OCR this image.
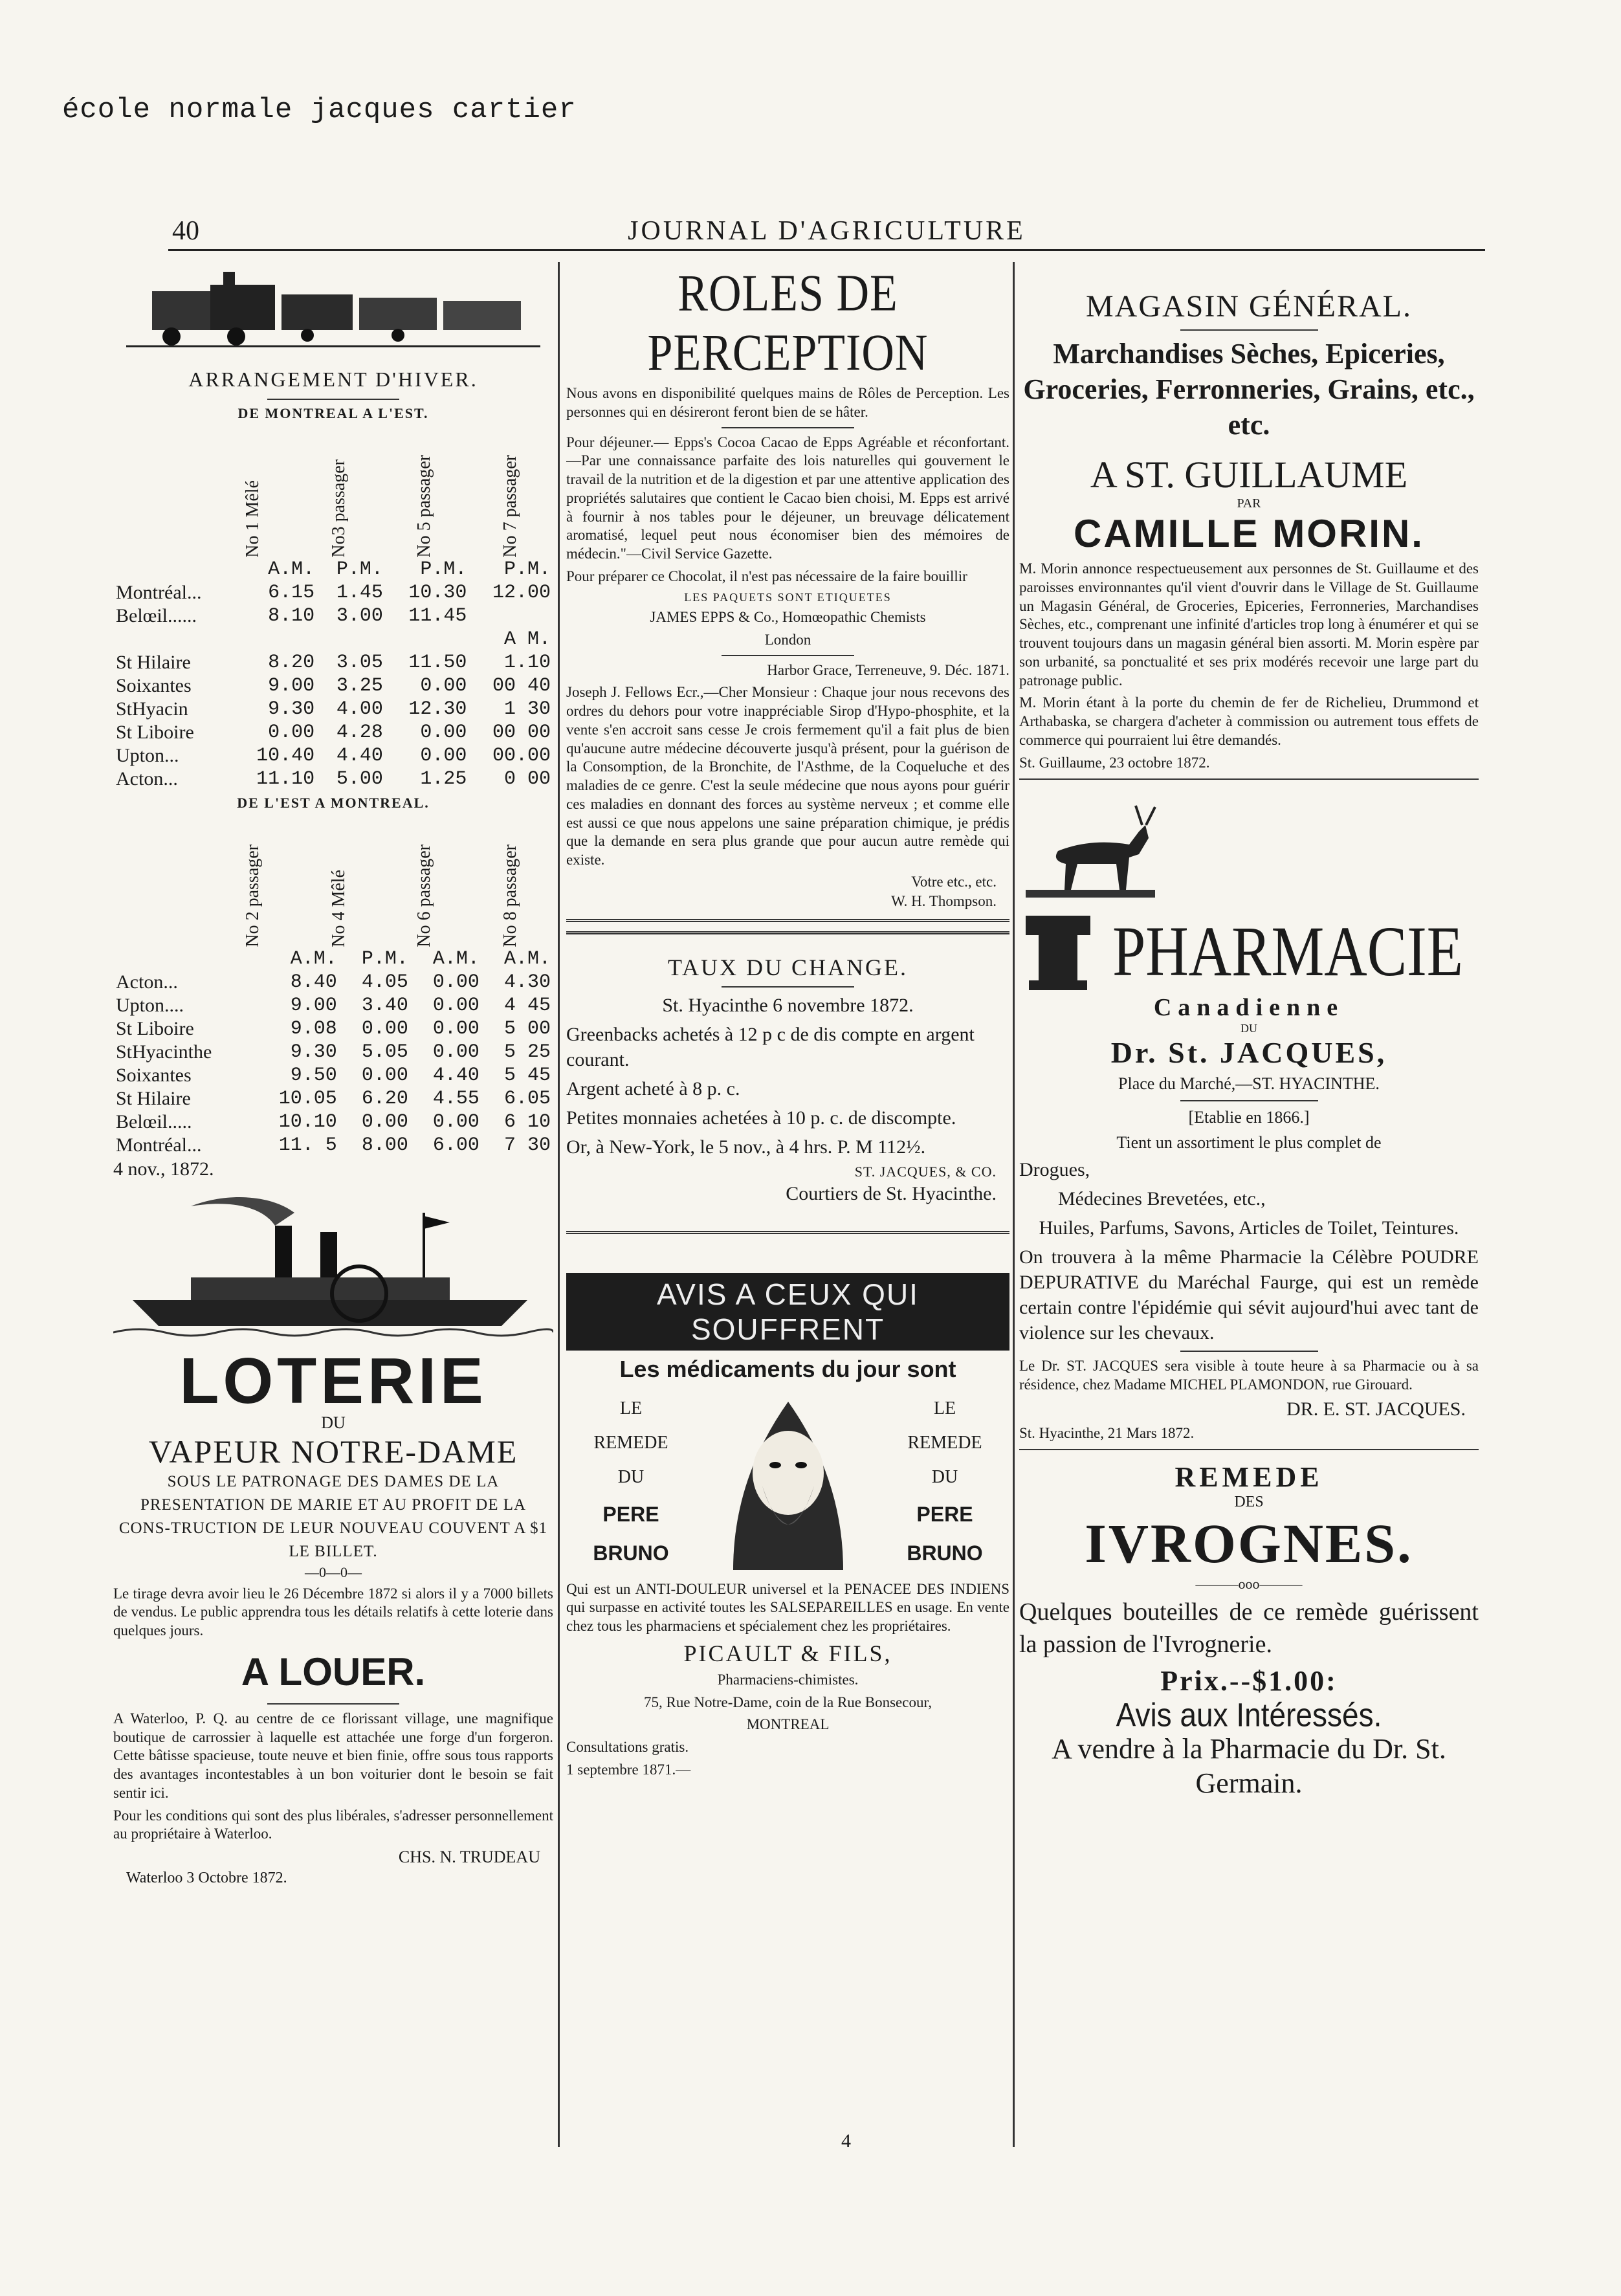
école normale jacques cartier
40	JOURNAL D'AGRICULTURE
ARRANGEMENT D'HIVER.
DE MONTREAL A L'EST.
No 1 Mêlé	No3 passager	No 5 passager	No 7 passager
	A.M.	P.M.	P.M.	P.M.
Montréal...	6.15	1.45	10.30	12.00
Belœil......	8.10	3.00	11.45	
				A M.
St Hilaire	8.20	3.05	11.50	1.10
Soixantes	9.00	3.25	0.00	00 40
StHyacin	9.30	4.00	12.30	1 30
St Liboire	0.00	4.28	0.00	00 00
Upton...	10.40	4.40	0.00	00.00
Acton...	11.10	5.00	1.25	0 00
DE L'EST A MONTREAL.
No 2 passager	No 4 Mêlé	No 6 passager	No 8 passager
	A.M.	P.M.	A.M.	A.M.
Acton...	8.40	4.05	0.00	4.30
Upton....	9.00	3.40	0.00	4 45
St Liboire	9.08	0.00	0.00	5 00
StHyacinthe	9.30	5.05	0.00	5 25
Soixantes	9.50	0.00	4.40	5 45
St Hilaire	10.05	6.20	4.55	6.05
Belœil.....	10.10	0.00	0.00	6 10
Montréal...	11. 5	8.00	6.00	7 30
4 nov., 1872.
LOTERIE
DU
VAPEUR NOTRE-DAME
SOUS LE PATRONAGE DES DAMES DE LA PRESENTATION DE MARIE ET AU PROFIT DE LA CONS-TRUCTION DE LEUR NOUVEAU COUVENT A $1 LE BILLET.
—0—0—
Le tirage devra avoir lieu le 26 Décembre 1872 si alors il y a 7000 billets de vendus. Le public apprendra tous les détails relatifs à cette loterie dans quelques jours.
A LOUER.
A Waterloo, P. Q. au centre de ce florissant village, une magnifique boutique de carrossier à laquelle est attachée une forge d'un forgeron. Cette bâtisse spacieuse, toute neuve et bien finie, offre sous tous rapports des avantages incontestables à un bon voiturier dont le besoin se fait sentir ici.
Pour les conditions qui sont des plus libérales, s'adresser personnellement au propriétaire à Waterloo.
CHS. N. TRUDEAU
Waterloo 3 Octobre 1872.
ROLES DE PERCEPTION
Nous avons en disponibilité quelques mains de Rôles de Perception. Les personnes qui en désireront feront bien de se hâter.
Pour déjeuner.— Epps's Cocoa Cacao de Epps Agréable et réconfortant.—Par une connaissance parfaite des lois naturelles qui gouvernent le travail de la nutrition et de la digestion et par une attentive application des propriétés salutaires que contient le Cacao bien choisi, M. Epps est arrivé à fournir à nos tables pour le déjeuner, un breuvage délicatement aromatisé, lequel peut nous économiser bien des mémoires de médecin."—Civil Service Gazette.
Pour préparer ce Chocolat, il n'est pas nécessaire de la faire bouillir
LES PAQUETS SONT ETIQUETES
JAMES EPPS & Co., Homœopathic Chemists
London
Harbor Grace, Terreneuve, 9. Déc. 1871.
Joseph J. Fellows Ecr.,—Cher Monsieur : Chaque jour nous recevons des ordres du dehors pour votre inappréciable Sirop d'Hypo-phosphite, et la vente s'en accroit sans cesse Je crois fermement qu'il a fait plus de bien qu'aucune autre médecine découverte jusqu'à présent, pour la guérison de la Consomption, de la Bronchite, de l'Asthme, de la Coqueluche et des maladies de ce genre. C'est la seule médecine que nous ayons pour guérir ces maladies en donnant des forces au système nerveux ; et comme elle est aussi ce que nous appelons une saine préparation chimique, je prédis que la demande en sera plus grande que pour aucun autre remède qui existe.
Votre etc., etc.
W. H. Thompson.
TAUX DU CHANGE.
St. Hyacinthe 6 novembre 1872.
Greenbacks achetés à 12 p c de dis compte en argent courant.
Argent acheté à 8 p. c.
Petites monnaies achetées à 10 p. c. de discompte.
Or, à New-York, le 5 nov., à 4 hrs. P. M 112½.
ST. JACQUES, & CO.
Courtiers de St. Hyacinthe.
AVIS A CEUX QUI SOUFFRENT
Les médicaments du jour sont
LE
REMEDE
DU
PERE BRUNO
LE
REMEDE
DU
PERE BRUNO
Qui est un ANTI-DOULEUR universel et la PENACEE DES INDIENS qui surpasse en activité toutes les SALSEPAREILLES en usage. En vente chez tous les pharmaciens et spécialement chez les propriétaires.
PICAULT & FILS,
Pharmaciens-chimistes.
75, Rue Notre-Dame, coin de la Rue Bonsecour,
MONTREAL
Consultations gratis.
1 septembre 1871.—
MAGASIN GÉNÉRAL.
Marchandises Sèches, Epiceries, Groceries, Ferronneries, Grains, etc., etc.
A ST. GUILLAUME
PAR
CAMILLE MORIN.
M. Morin annonce respectueusement aux personnes de St. Guillaume et des paroisses environnantes qu'il vient d'ouvrir dans le Village de St. Guillaume un Magasin Général, de Groceries, Epiceries, Ferronneries, Marchandises Sèches, etc., comprenant une infinité d'articles trop long à énumérer et qui se trouvent toujours dans un magasin général bien assorti. M. Morin espère par son urbanité, sa ponctualité et ses prix modérés recevoir une large part du patronage public.
M. Morin étant à la porte du chemin de fer de Richelieu, Drummond et Arthabaska, se chargera d'acheter à commission ou autrement tous effets de commerce qui pourraient lui être demandés.
St. Guillaume, 23 octobre 1872.
PHARMACIE
Canadienne
DU
Dr. St. JACQUES,
Place du Marché,—ST. HYACINTHE.
[Etablie en 1866.]
Tient un assortiment le plus complet de
Drogues,
Médecines Brevetées, etc.,
Huiles, Parfums, Savons, Articles de Toilet, Teintures.
On trouvera à la même Pharmacie la Célèbre POUDRE DEPURATIVE du Maréchal Faurge, qui est un remède certain contre l'épidémie qui sévit aujourd'hui avec tant de violence sur les chevaux.
Le Dr. ST. JACQUES sera visible à toute heure à sa Pharmacie ou à sa résidence, chez Madame MICHEL PLAMONDON, rue Girouard.
DR. E. ST. JACQUES.
St. Hyacinthe, 21 Mars 1872.
REMEDE
DES
IVROGNES.
———ooo———
Quelques bouteilles de ce remède guérissent la passion de l'Ivrognerie.
Prix.--$1.00:
Avis aux Intéressés.
A vendre à la Pharmacie du Dr. St. Germain.
4
